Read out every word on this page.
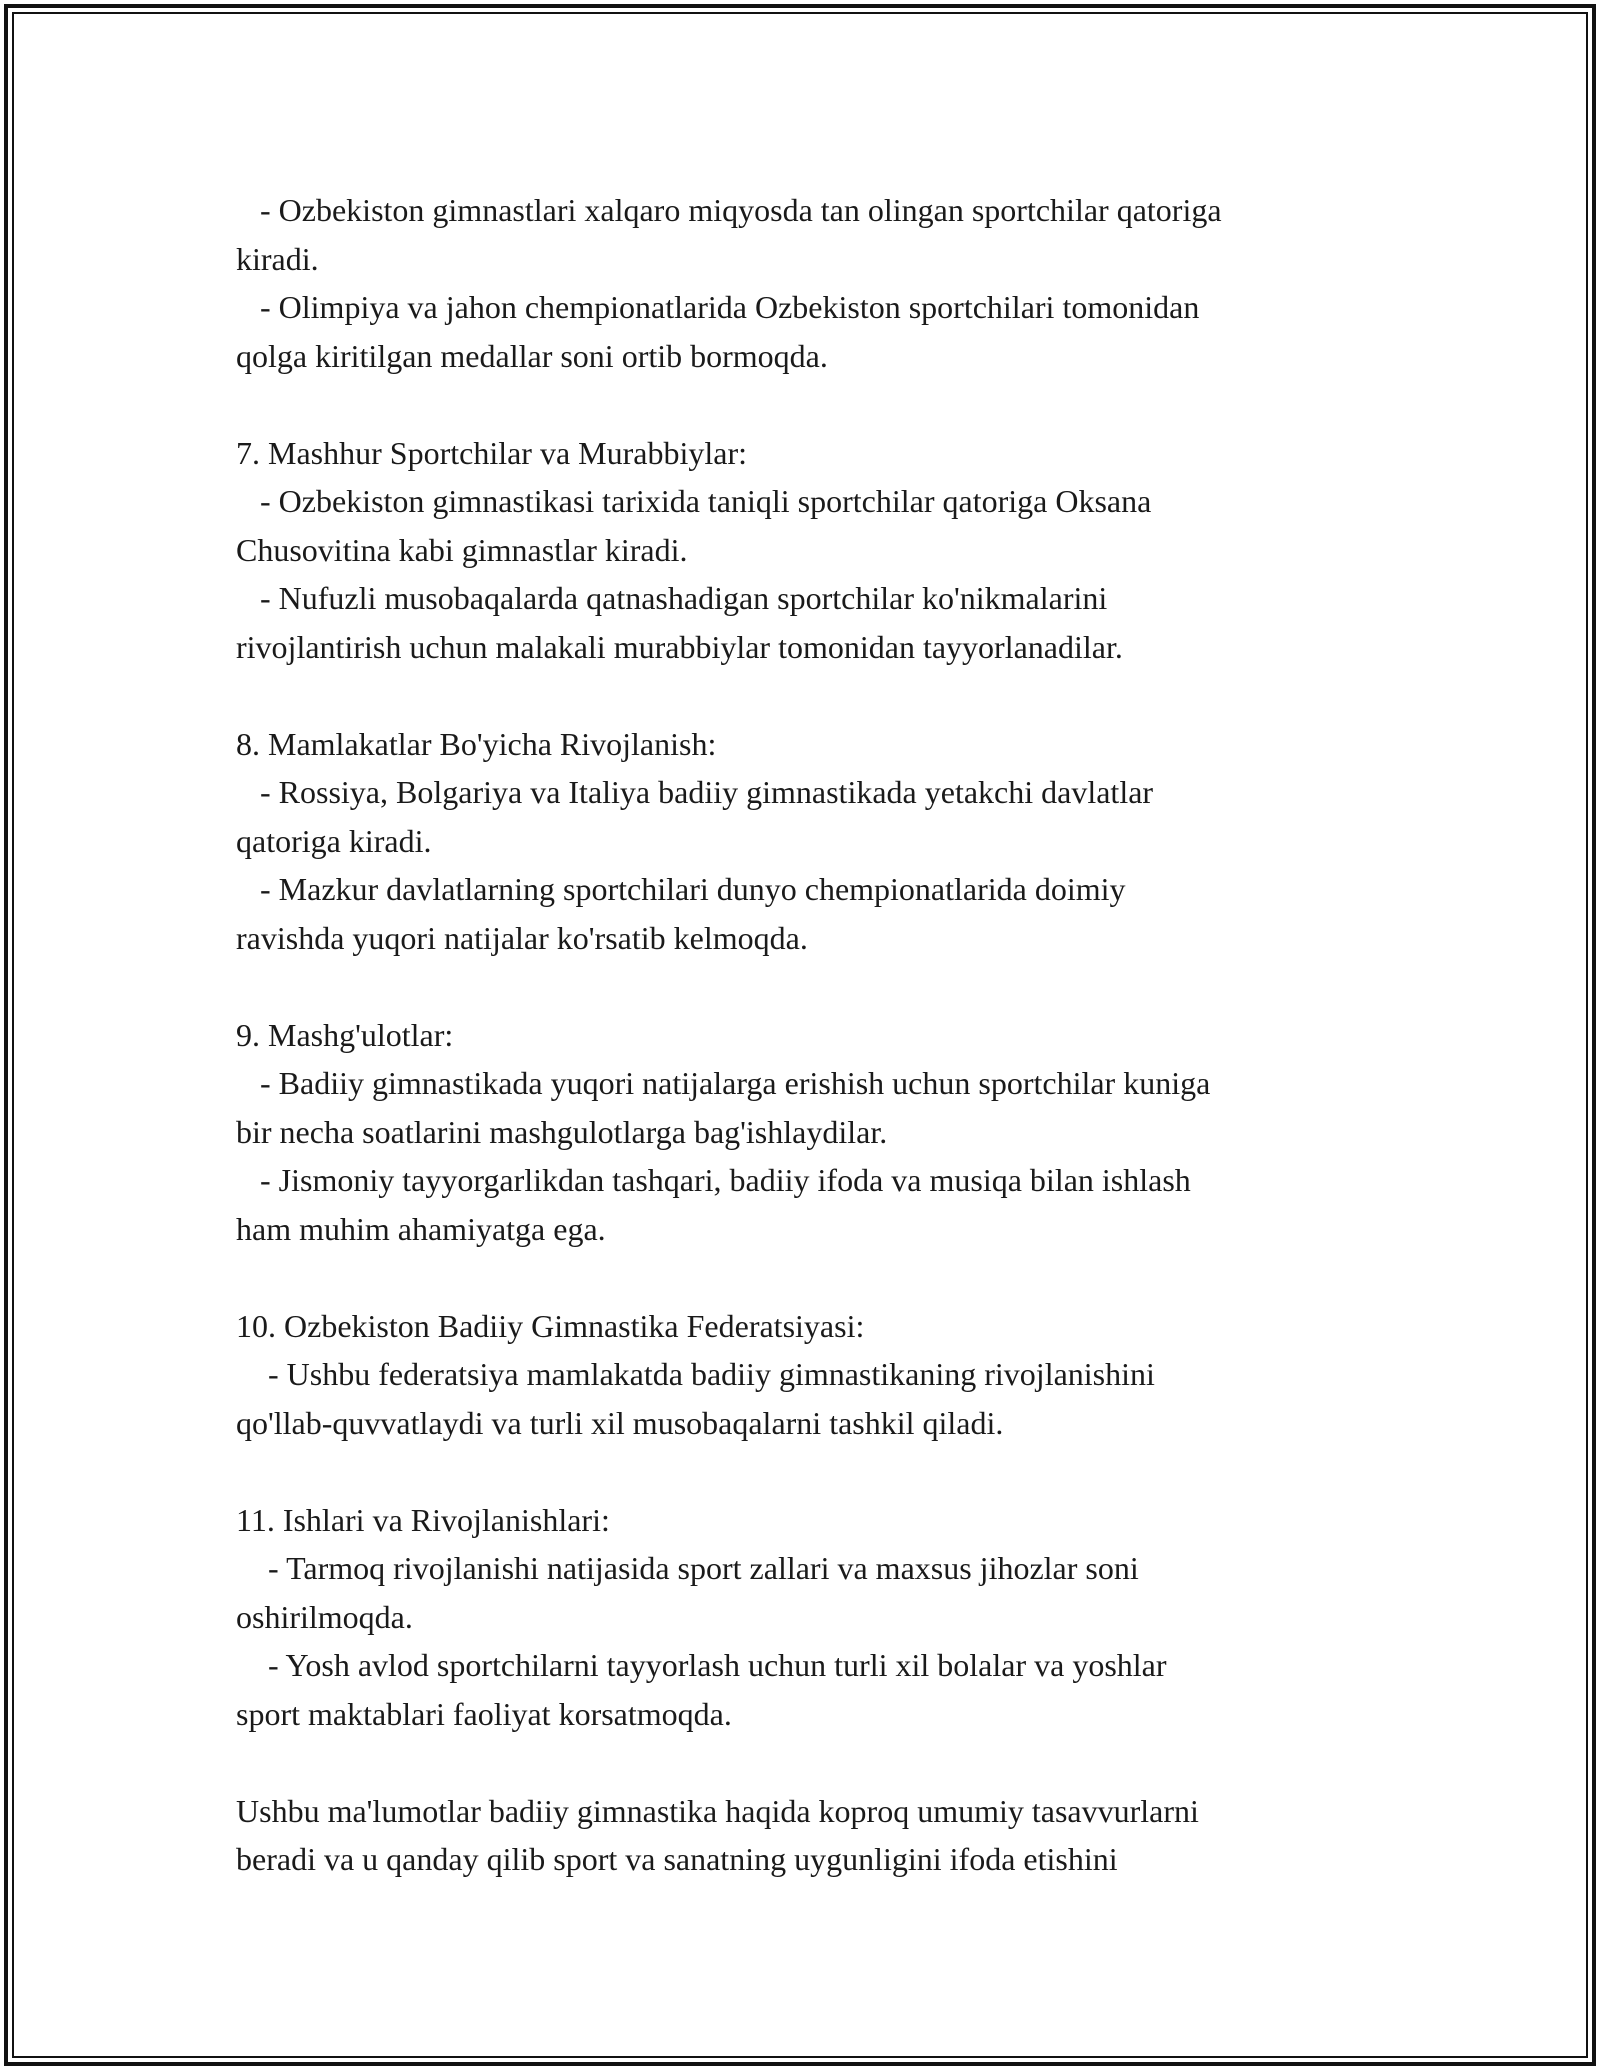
- Ozbekiston gimnastlari xalqaro miqyosda tan olingan sportchilar qatoriga
kiradi.
- Olimpiya va jahon chempionatlarida Ozbekiston sportchilari tomonidan
qolga kiritilgan medallar soni ortib bormoqda.
7. Mashhur Sportchilar va Murabbiylar:
- Ozbekiston gimnastikasi tarixida taniqli sportchilar qatoriga Oksana
Chusovitina kabi gimnastlar kiradi.
- Nufuzli musobaqalarda qatnashadigan sportchilar ko'nikmalarini
rivojlantirish uchun malakali murabbiylar tomonidan tayyorlanadilar.
8. Mamlakatlar Bo'yicha Rivojlanish:
- Rossiya, Bolgariya va Italiya badiiy gimnastikada yetakchi davlatlar
qatoriga kiradi.
- Mazkur davlatlarning sportchilari dunyo chempionatlarida doimiy
ravishda yuqori natijalar ko'rsatib kelmoqda.
9. Mashg'ulotlar:
- Badiiy gimnastikada yuqori natijalarga erishish uchun sportchilar kuniga
bir necha soatlarini mashgulotlarga bag'ishlaydilar.
- Jismoniy tayyorgarlikdan tashqari, badiiy ifoda va musiqa bilan ishlash
ham muhim ahamiyatga ega.
10. Ozbekiston Badiiy Gimnastika Federatsiyasi:
- Ushbu federatsiya mamlakatda badiiy gimnastikaning rivojlanishini
qo'llab-quvvatlaydi va turli xil musobaqalarni tashkil qiladi.
11. Ishlari va Rivojlanishlari:
- Tarmoq rivojlanishi natijasida sport zallari va maxsus jihozlar soni
oshirilmoqda.
- Yosh avlod sportchilarni tayyorlash uchun turli xil bolalar va yoshlar
sport maktablari faoliyat korsatmoqda.
Ushbu ma'lumotlar badiiy gimnastika haqida koproq umumiy tasavvurlarni
beradi va u qanday qilib sport va sanatning uygunligini ifoda etishini
